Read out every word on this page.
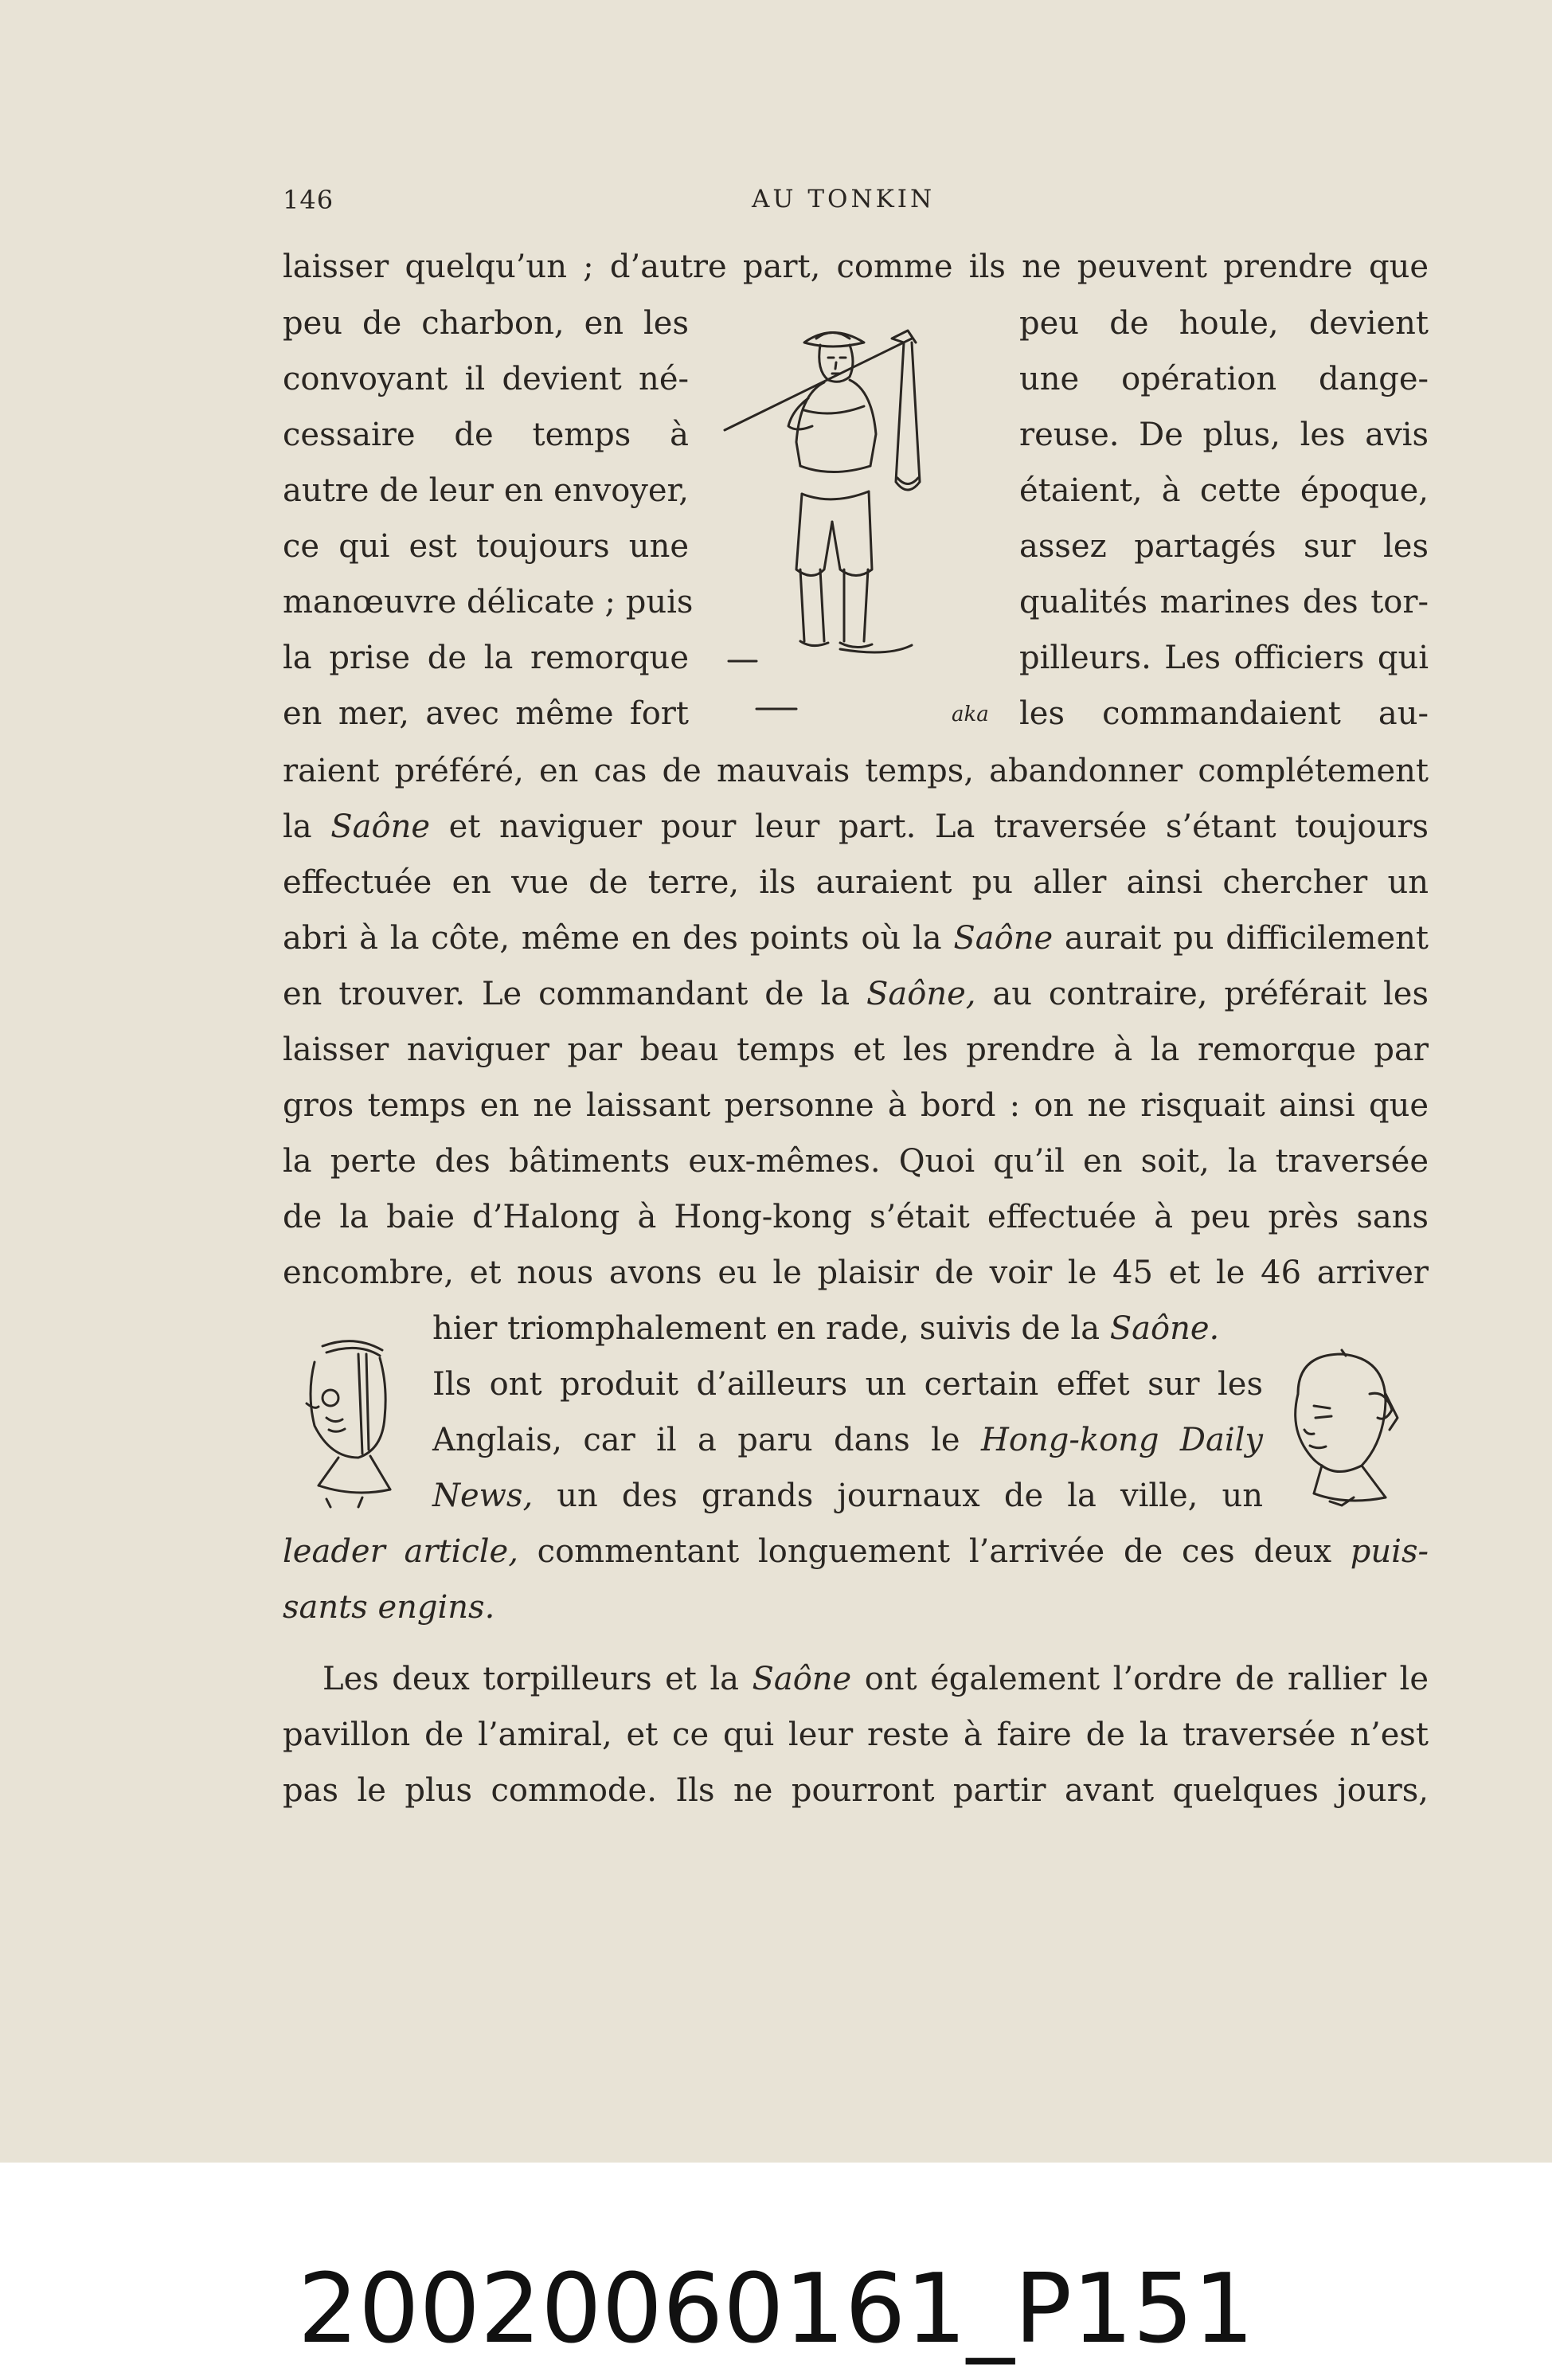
146	AU TONKIN
laisser quelqu’un ; d’autre part, comme ils ne peuvent prendre que
peu de charbon, en les
convoyant il devient né-
cessaire de temps à
autre de leur en envoyer,
ce qui est toujours une
manœuvre délicate ; puis
la prise de la remorque
en mer, avec même fort
peu de houle, devient
une opération dange-
reuse. De plus, les avis
étaient, à cette époque,
assez partagés sur les
qualités marines des tor-
pilleurs. Les officiers qui
les commandaient au-
aka
raient préféré, en cas de mauvais temps, abandonner complétement
la Saône et naviguer pour leur part. La traversée s’étant toujours
effectuée en vue de terre, ils auraient pu aller ainsi chercher un
abri à la côte, même en des points où la Saône aurait pu difficilement
en trouver. Le commandant de la Saône, au contraire, préférait les
laisser naviguer par beau temps et les prendre à la remorque par
gros temps en ne laissant personne à bord : on ne risquait ainsi que
la perte des bâtiments eux-mêmes. Quoi qu’il en soit, la traversée
de la baie d’Halong à Hong-kong s’était effectuée à peu près sans
encombre, et nous avons eu le plaisir de voir le 45 et le 46 arriver
hier triomphalement en rade, suivis de la Saône.
Ils ont produit d’ailleurs un certain effet sur les
Anglais, car il a paru dans le Hong-kong Daily
News, un des grands journaux de la ville, un
leader article, commentant longuement l’arrivée de ces deux puis-
sants engins.
Les deux torpilleurs et la Saône ont également l’ordre de rallier le
pavillon de l’amiral, et ce qui leur reste à faire de la traversée n’est
pas le plus commode. Ils ne pourront partir avant quelques jours,
20020060161_P151
